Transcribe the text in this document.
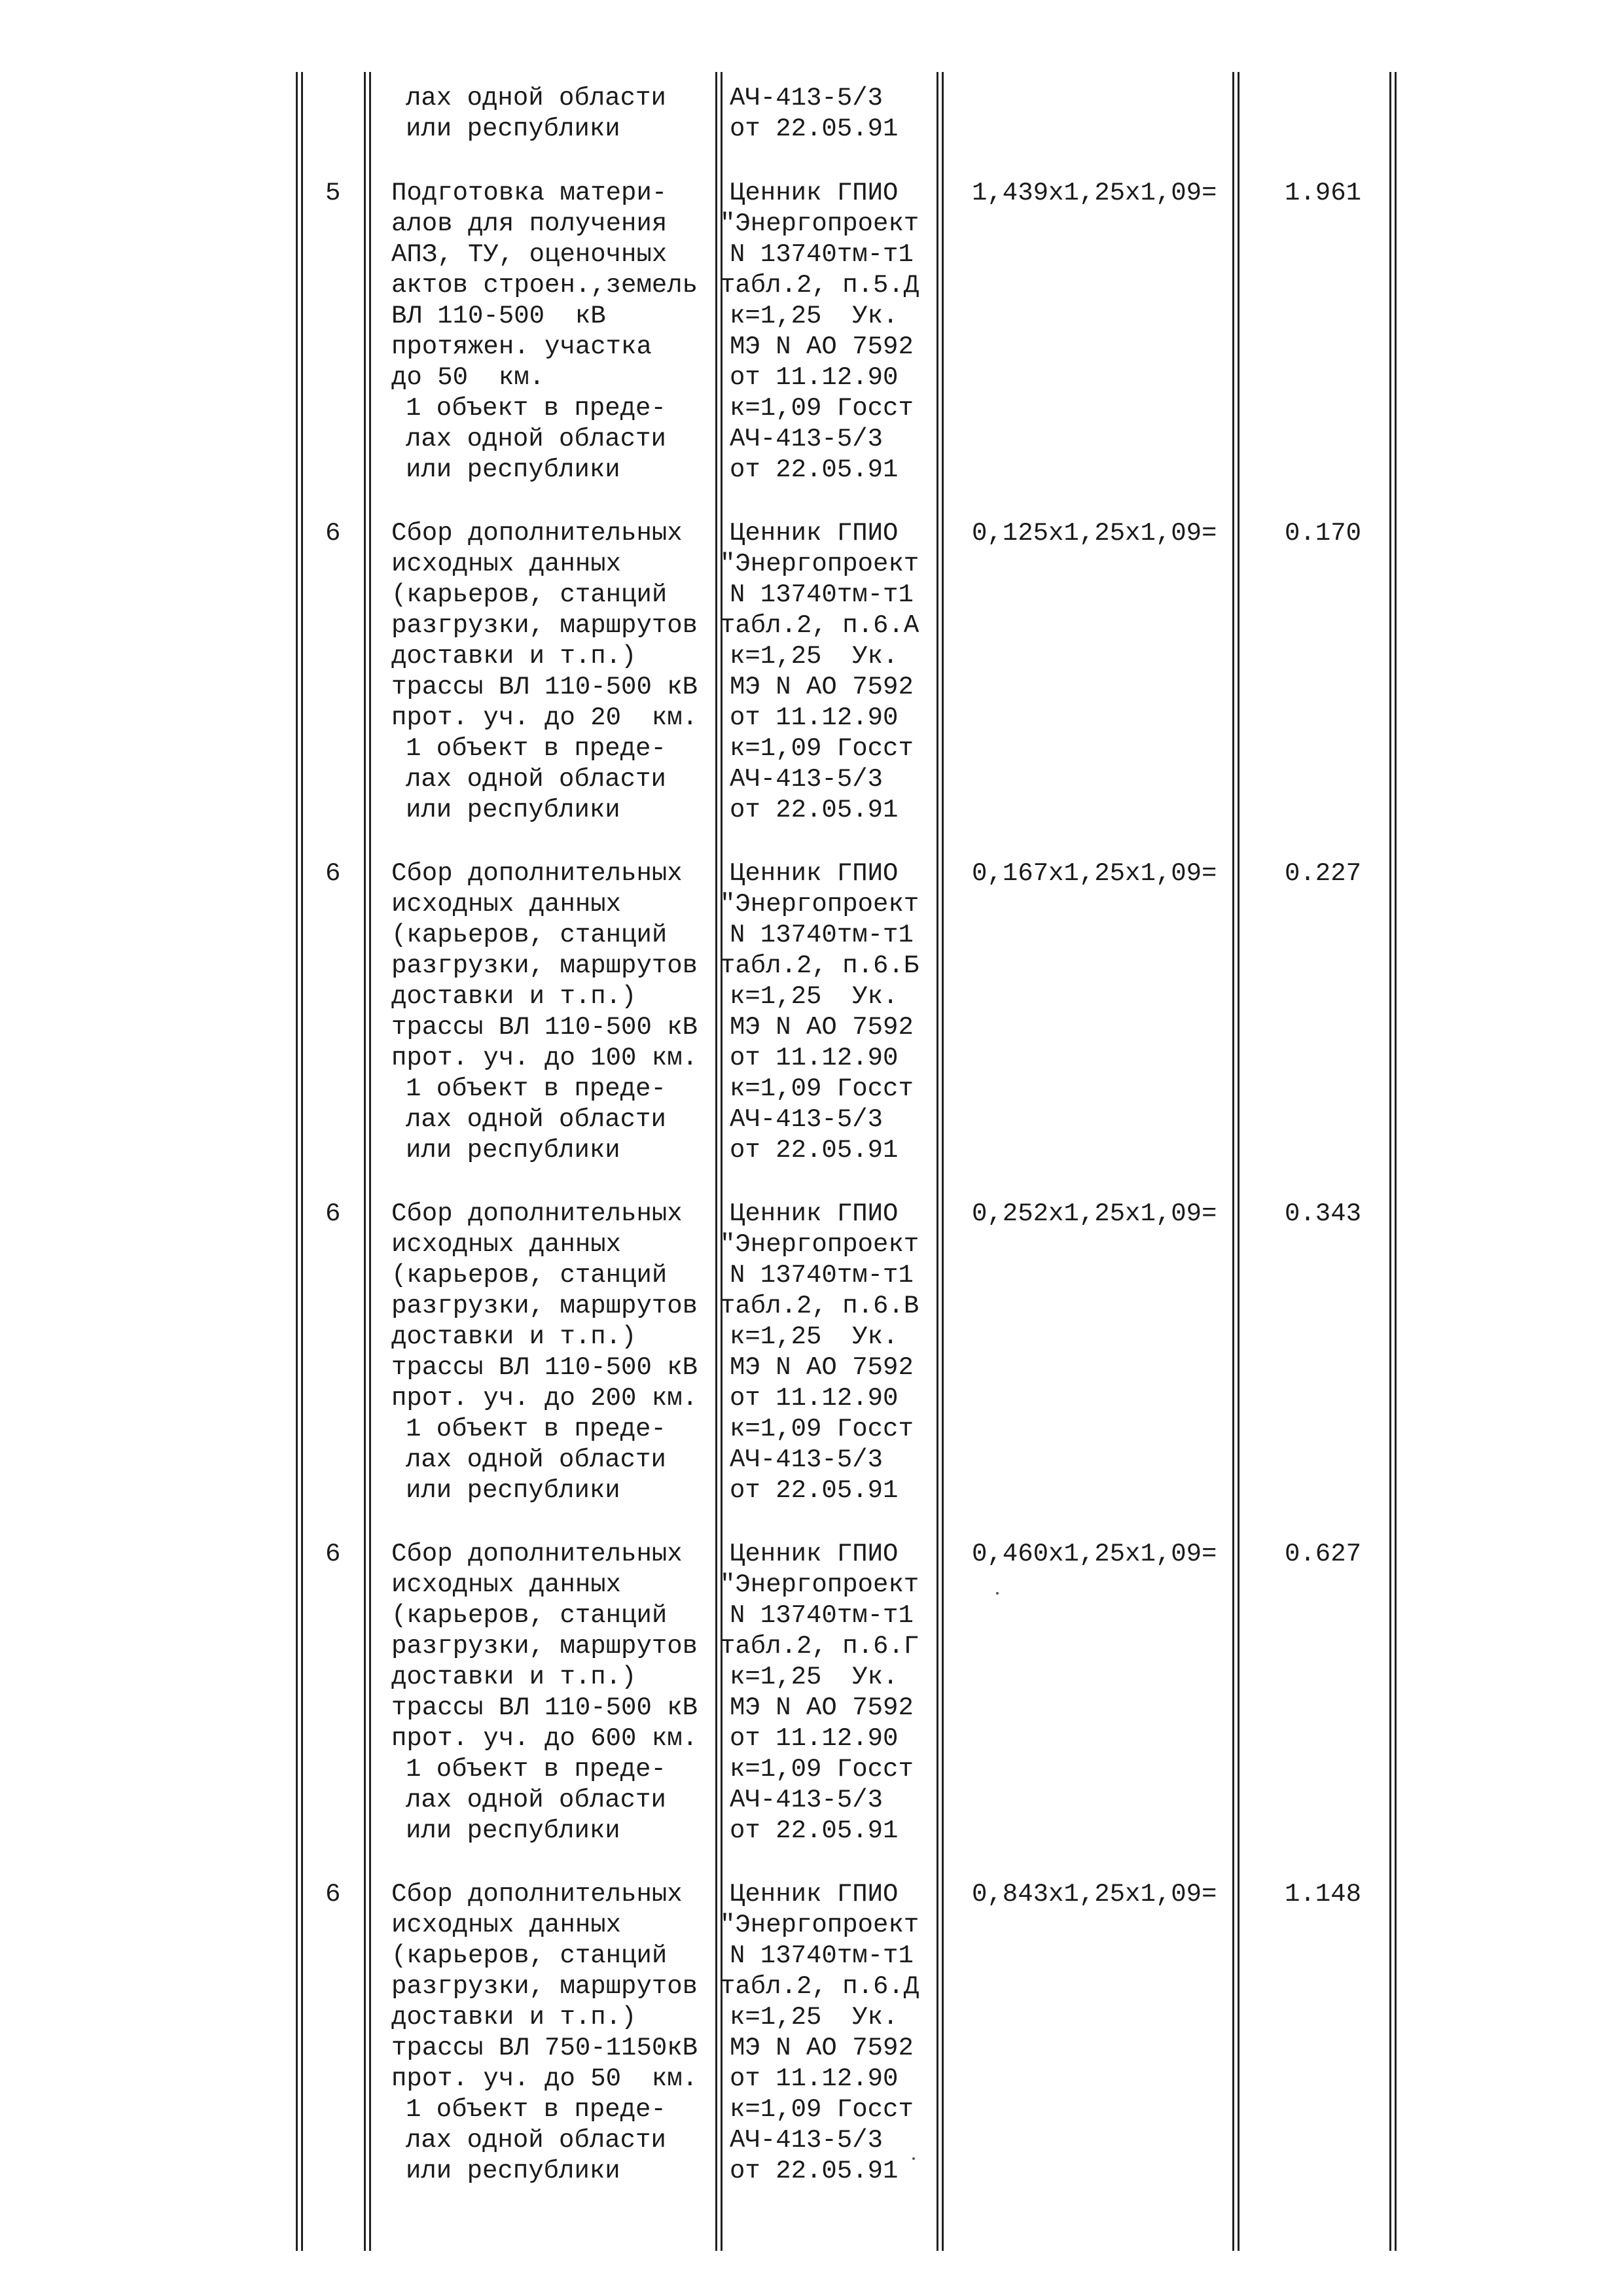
лах одной области
или республики
АЧ-413-5/3
от 22.05.91
5 Подготовка матери-
алов для получения
АПЗ, ТУ, оценочных
актов строен.,земель
ВЛ 110-500  кВ
протяжен. участка
до 50  км.
1 объект в преде-
лах одной области
или республики
Ценник ГПИО
"Энергопроект
N 13740тм-т1
табл.2, п.5.Д
к=1,25  Ук.
МЭ N АО 7592
от 11.12.90
к=1,09 Госст
АЧ-413-5/3
от 22.05.91
1,439х1,25х1,09=	1.961
6 Сбор дополнительных
исходных данных
(карьеров, станций
разгрузки, маршрутов
доставки и т.п.)
трассы ВЛ 110-500 кВ
прот. уч. до 20  км.
1 объект в преде-
лах одной области
или республики
Ценник ГПИО
"Энергопроект
N 13740тм-т1
табл.2, п.6.А
к=1,25  Ук.
МЭ N АО 7592
от 11.12.90
к=1,09 Госст
АЧ-413-5/3
от 22.05.91
0,125х1,25х1,09=	0.170
6 Сбор дополнительных
исходных данных
(карьеров, станций
разгрузки, маршрутов
доставки и т.п.)
трассы ВЛ 110-500 кВ
прот. уч. до 100 км.
1 объект в преде-
лах одной области
или республики
Ценник ГПИО
"Энергопроект
N 13740тм-т1
табл.2, п.6.Б
к=1,25  Ук.
МЭ N АО 7592
от 11.12.90
к=1,09 Госст
АЧ-413-5/3
от 22.05.91
0,167х1,25х1,09=	0.227
6 Сбор дополнительных
исходных данных
(карьеров, станций
разгрузки, маршрутов
доставки и т.п.)
трассы ВЛ 110-500 кВ
прот. уч. до 200 км.
1 объект в преде-
лах одной области
или республики
Ценник ГПИО
"Энергопроект
N 13740тм-т1
табл.2, п.6.В
к=1,25  Ук.
МЭ N АО 7592
от 11.12.90
к=1,09 Госст
АЧ-413-5/3
от 22.05.91
0,252х1,25х1,09=	0.343
6 Сбор дополнительных
исходных данных
(карьеров, станций
разгрузки, маршрутов
доставки и т.п.)
трассы ВЛ 110-500 кВ
прот. уч. до 600 км.
1 объект в преде-
лах одной области
или республики
Ценник ГПИО
"Энергопроект
N 13740тм-т1
табл.2, п.6.Г
к=1,25  Ук.
МЭ N АО 7592
от 11.12.90
к=1,09 Госст
АЧ-413-5/3
от 22.05.91
0,460х1,25х1,09=	0.627
6 Сбор дополнительных
исходных данных
(карьеров, станций
разгрузки, маршрутов
доставки и т.п.)
трассы ВЛ 750-1150кВ
прот. уч. до 50  км.
1 объект в преде-
лах одной области
или республики
Ценник ГПИО
"Энергопроект
N 13740тм-т1
табл.2, п.6.Д
к=1,25  Ук.
МЭ N АО 7592
от 11.12.90
к=1,09 Госст
АЧ-413-5/3
от 22.05.91
0,843х1,25х1,09=	1.148
